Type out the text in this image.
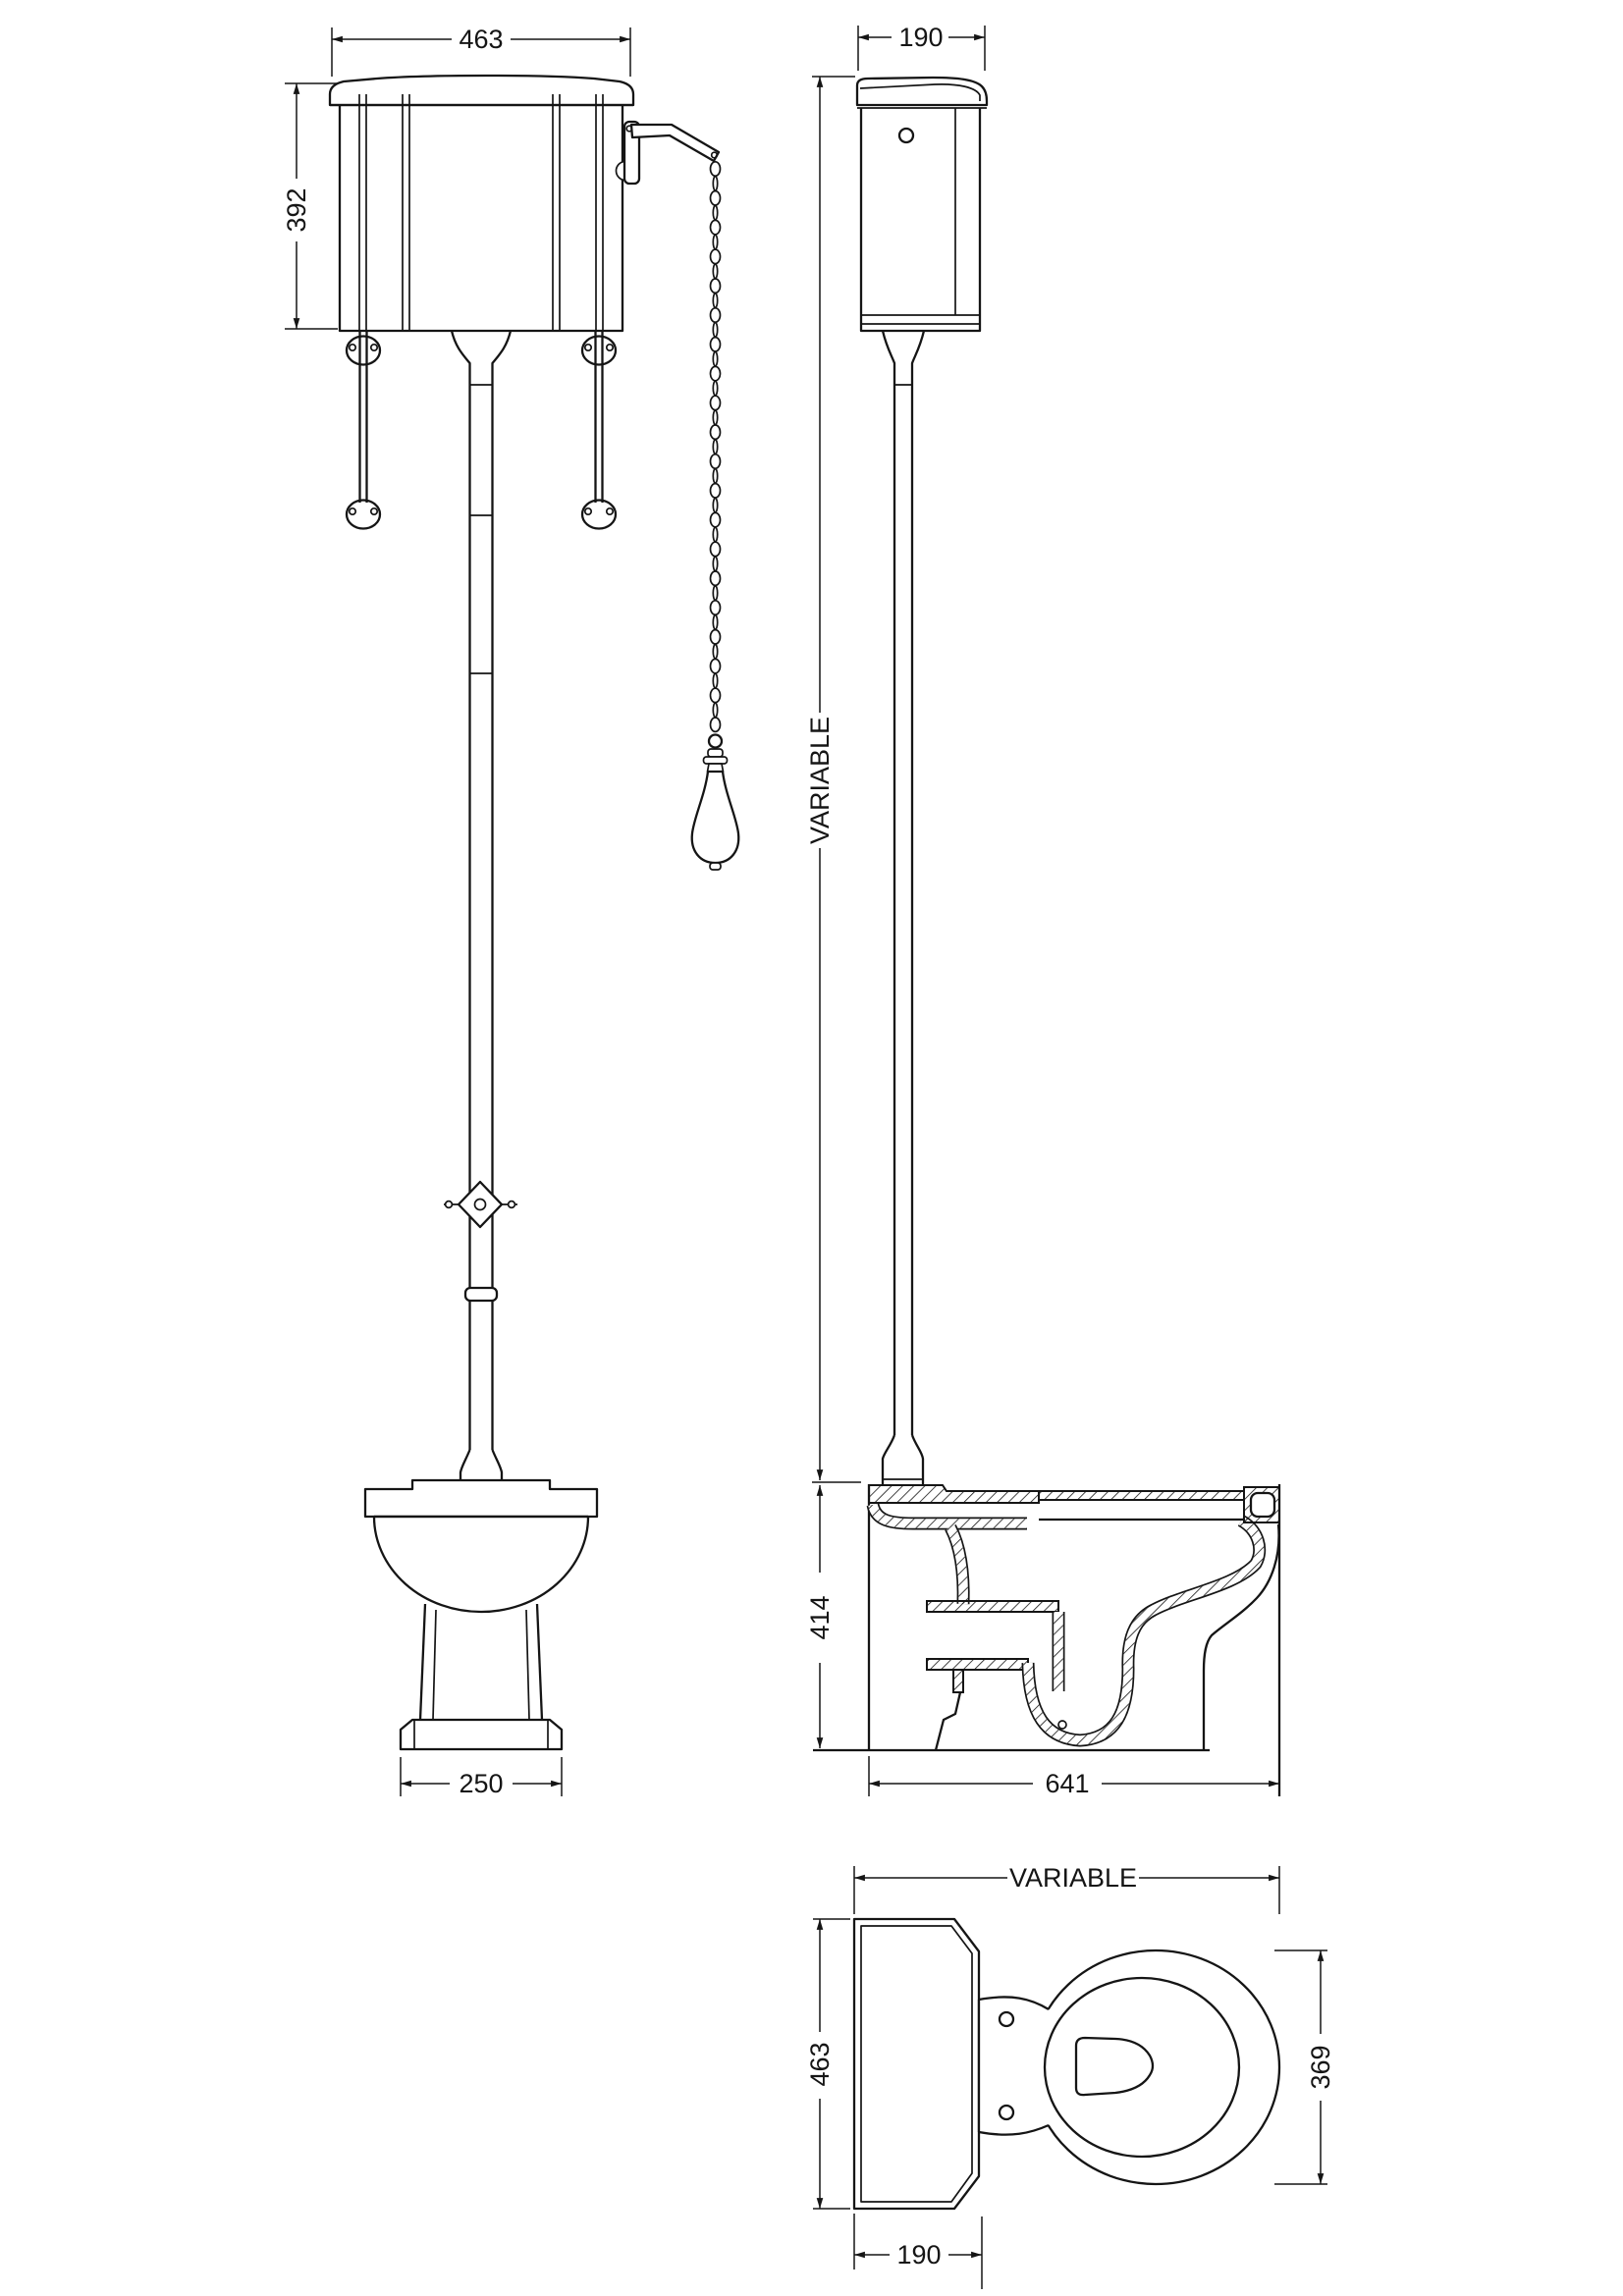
463
392
250
190
VARIABLE
414
641
VARIABLE
463	369
190
